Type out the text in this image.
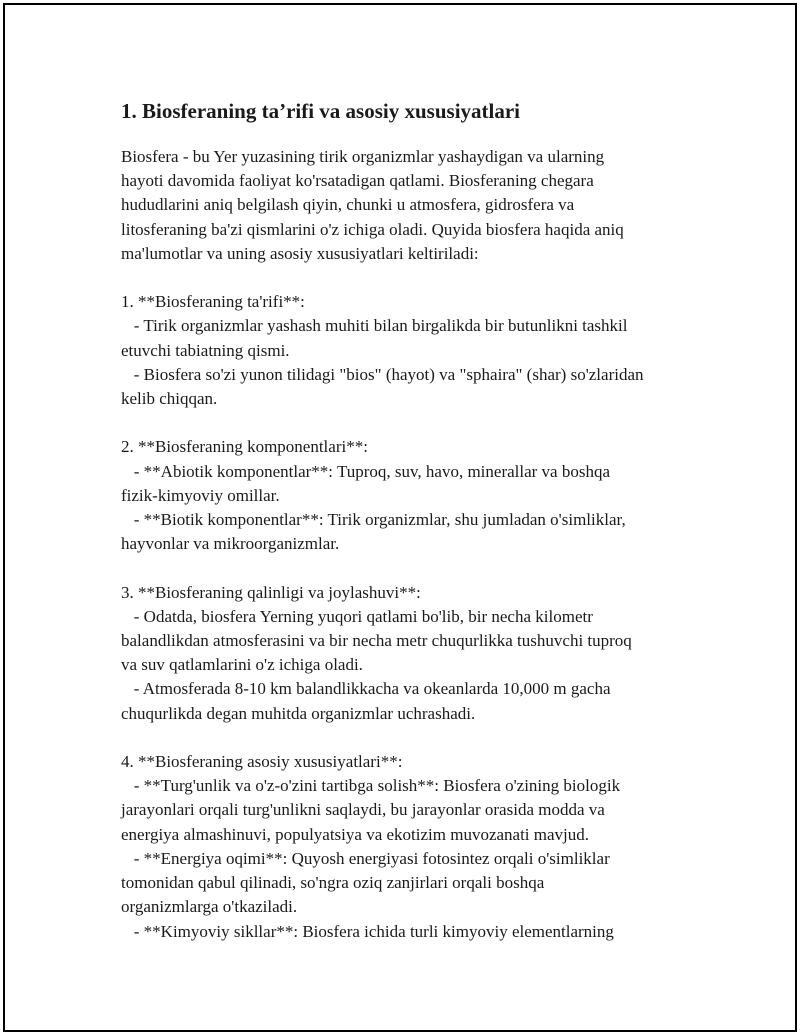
1. Biosferaning ta’rifi va asosiy xususiyatlari

Biosfera - bu Yer yuzasining tirik organizmlar yashaydigan va ularning
hayoti davomida faoliyat ko'rsatadigan qatlami. Biosferaning chegara
hududlarini aniq belgilash qiyin, chunki u atmosfera, gidrosfera va
litosferaning ba'zi qismlarini o'z ichiga oladi. Quyida biosfera haqida aniq
ma'lumotlar va uning asosiy xususiyatlari keltiriladi:

1. **Biosferaning ta'rifi**:
- Tirik organizmlar yashash muhiti bilan birgalikda bir butunlikni tashkil
etuvchi tabiatning qismi.
- Biosfera so'zi yunon tilidagi "bios" (hayot) va "sphaira" (shar) so'zlaridan
kelib chiqqan.

2. **Biosferaning komponentlari**:
- **Abiotik komponentlar**: Tuproq, suv, havo, minerallar va boshqa
fizik-kimyoviy omillar.
- **Biotik komponentlar**: Tirik organizmlar, shu jumladan o'simliklar,
hayvonlar va mikroorganizmlar.

3. **Biosferaning qalinligi va joylashuvi**:
- Odatda, biosfera Yerning yuqori qatlami bo'lib, bir necha kilometr
balandlikdan atmosferasini va bir necha metr chuqurlikka tushuvchi tuproq
va suv qatlamlarini o'z ichiga oladi.
- Atmosferada 8-10 km balandlikkacha va okeanlarda 10,000 m gacha
chuqurlikda degan muhitda organizmlar uchrashadi.

4. **Biosferaning asosiy xususiyatlari**:
- **Turg'unlik va o'z-o'zini tartibga solish**: Biosfera o'zining biologik
jarayonlari orqali turg'unlikni saqlaydi, bu jarayonlar orasida modda va
energiya almashinuvi, populyatsiya va ekotizim muvozanati mavjud.
- **Energiya oqimi**: Quyosh energiyasi fotosintez orqali o'simliklar
tomonidan qabul qilinadi, so'ngra oziq zanjirlari orqali boshqa
organizmlarga o'tkaziladi.
- **Kimyoviy sikllar**: Biosfera ichida turli kimyoviy elementlarning
